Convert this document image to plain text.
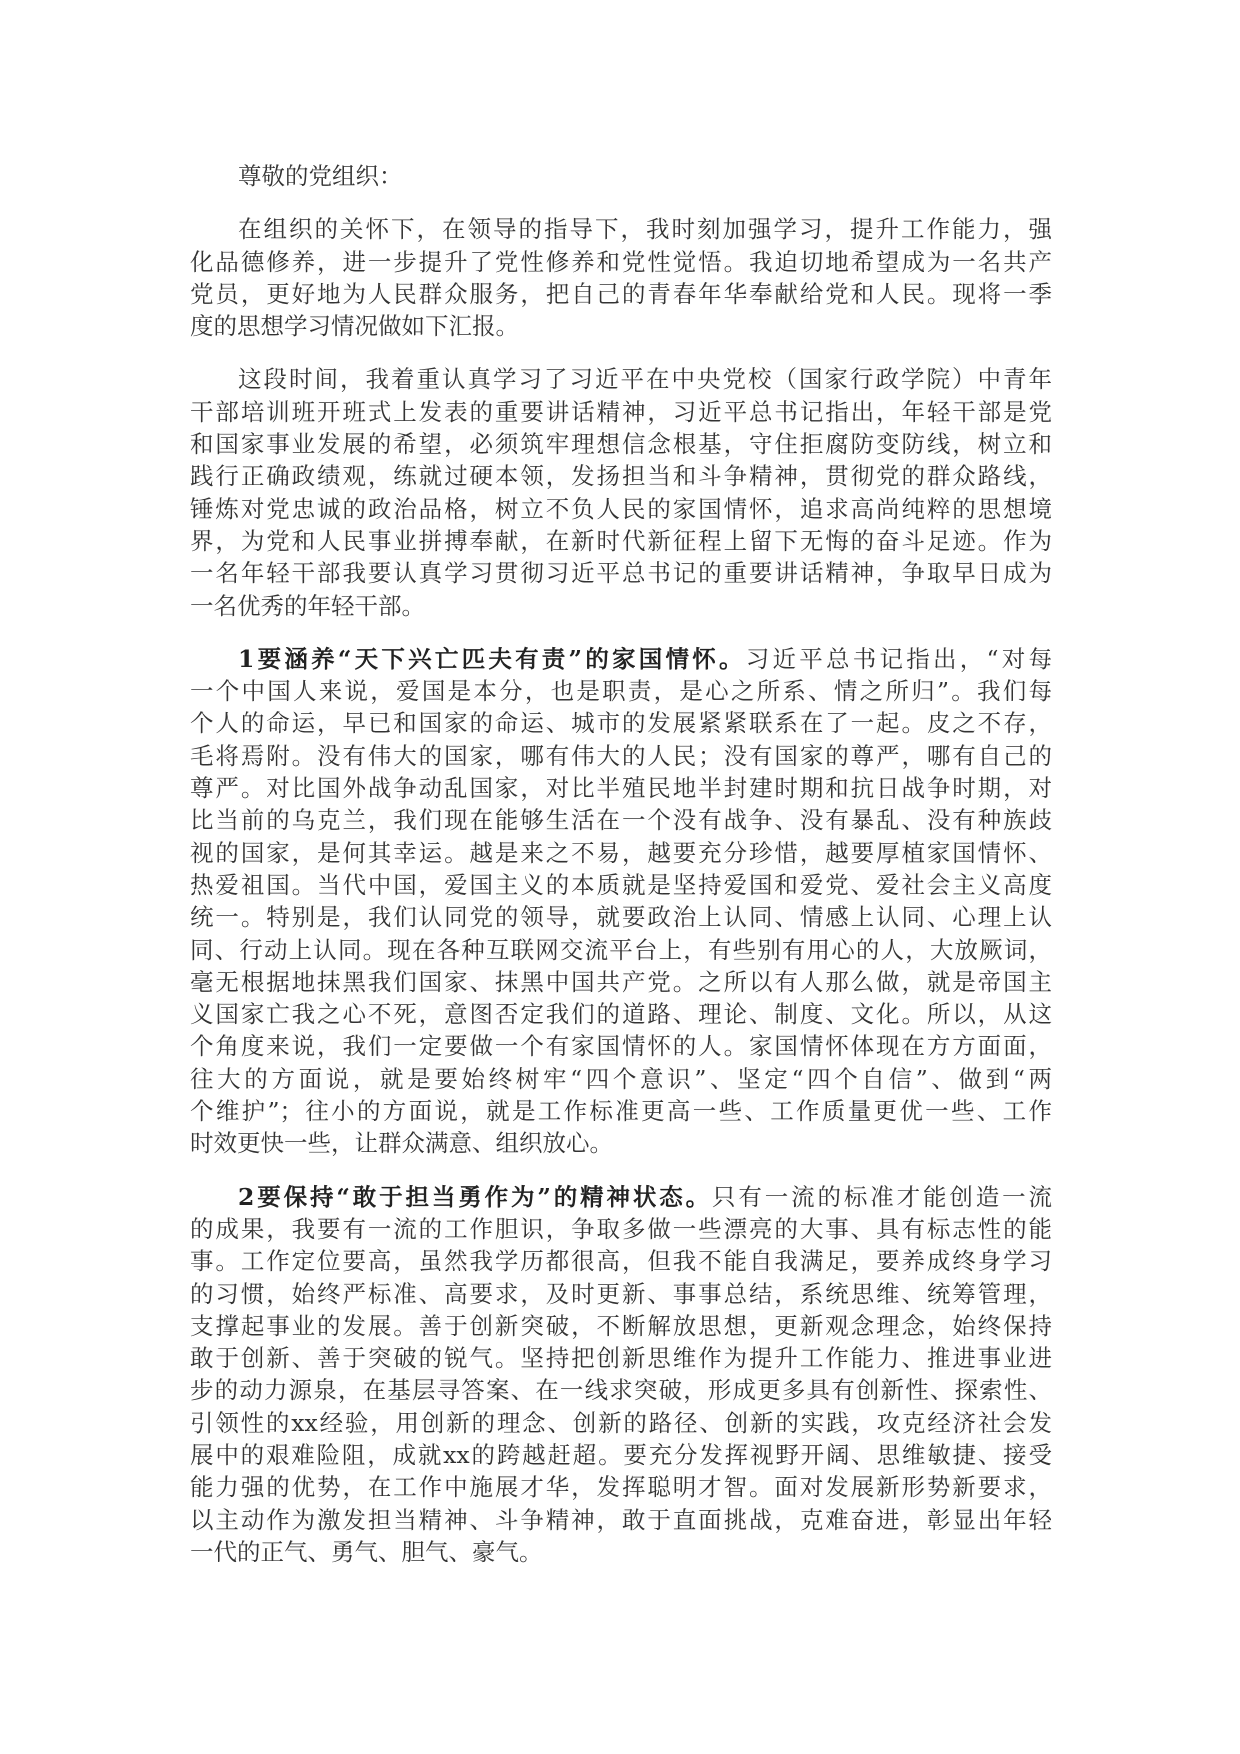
尊敬的党组织：
在组织的关怀下，在领导的指导下，我时刻加强学习，提升工作能力，强
化品德修养，进一步提升了党性修养和党性觉悟。我迫切地希望成为一名共产
党员，更好地为人民群众服务，把自己的青春年华奉献给党和人民。现将一季
度的思想学习情况做如下汇报。
这段时间，我着重认真学习了习近平在中央党校（国家行政学院）中青年
干部培训班开班式上发表的重要讲话精神，习近平总书记指出，年轻干部是党
和国家事业发展的希望，必须筑牢理想信念根基，守住拒腐防变防线，树立和
践行正确政绩观，练就过硬本领，发扬担当和斗争精神，贯彻党的群众路线，
锤炼对党忠诚的政治品格，树立不负人民的家国情怀，追求高尚纯粹的思想境
界，为党和人民事业拼搏奉献，在新时代新征程上留下无悔的奋斗足迹。作为
一名年轻干部我要认真学习贯彻习近平总书记的重要讲话精神，争取早日成为
一名优秀的年轻干部。
1要涵养“天下兴亡匹夫有责”的家国情怀。习近平总书记指出，“对每
一个中国人来说，爱国是本分，也是职责，是心之所系、情之所归”。我们每
个人的命运，早已和国家的命运、城市的发展紧紧联系在了一起。皮之不存，
毛将焉附。没有伟大的国家，哪有伟大的人民；没有国家的尊严，哪有自己的
尊严。对比国外战争动乱国家，对比半殖民地半封建时期和抗日战争时期，对
比当前的乌克兰，我们现在能够生活在一个没有战争、没有暴乱、没有种族歧
视的国家，是何其幸运。越是来之不易，越要充分珍惜，越要厚植家国情怀、
热爱祖国。当代中国，爱国主义的本质就是坚持爱国和爱党、爱社会主义高度
统一。特别是，我们认同党的领导，就要政治上认同、情感上认同、心理上认
同、行动上认同。现在各种互联网交流平台上，有些别有用心的人，大放厥词，
毫无根据地抹黑我们国家、抹黑中国共产党。之所以有人那么做，就是帝国主
义国家亡我之心不死，意图否定我们的道路、理论、制度、文化。所以，从这
个角度来说，我们一定要做一个有家国情怀的人。家国情怀体现在方方面面，
往大的方面说，就是要始终树牢“四个意识”、坚定“四个自信”、做到“两
个维护”；往小的方面说，就是工作标准更高一些、工作质量更优一些、工作
时效更快一些，让群众满意、组织放心。
2要保持“敢于担当勇作为”的精神状态。只有一流的标准才能创造一流
的成果，我要有一流的工作胆识，争取多做一些漂亮的大事、具有标志性的能
事。工作定位要高，虽然我学历都很高，但我不能自我满足，要养成终身学习
的习惯，始终严标准、高要求，及时更新、事事总结，系统思维、统筹管理，
支撑起事业的发展。善于创新突破，不断解放思想，更新观念理念，始终保持
敢于创新、善于突破的锐气。坚持把创新思维作为提升工作能力、推进事业进
步的动力源泉，在基层寻答案、在一线求突破，形成更多具有创新性、探索性、
引领性的xx经验，用创新的理念、创新的路径、创新的实践，攻克经济社会发
展中的艰难险阻，成就xx的跨越赶超。要充分发挥视野开阔、思维敏捷、接受
能力强的优势，在工作中施展才华，发挥聪明才智。面对发展新形势新要求，
以主动作为激发担当精神、斗争精神，敢于直面挑战，克难奋进，彰显出年轻
一代的正气、勇气、胆气、豪气。
